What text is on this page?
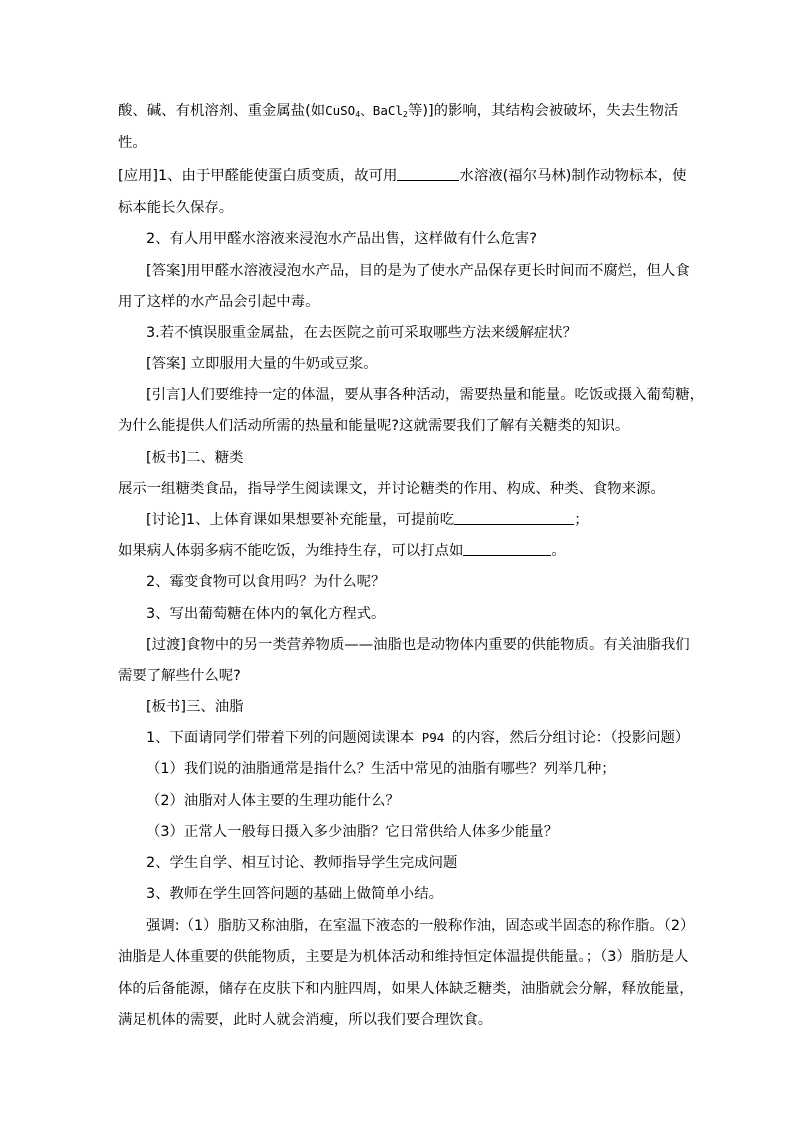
酸、碱、有机溶剂、重金属盐(如CuSO$_4$、BaCl$_2$等)]的影响，其结构会被破坏，失去生物活
性。
[应用]1、由于甲醛能使蛋白质变质，故可用	水溶液(福尔马林)制作动物标本，使
标本能长久保存。
2、有人用甲醛水溶液来浸泡水产品出售，这样做有什么危害?
[答案]用甲醛水溶液浸泡水产品，目的是为了使水产品保存更长时间而不腐烂，但人食
用了这样的水产品会引起中毒。
3.若不慎误服重金属盐，在去医院之前可采取哪些方法来缓解症状？
[答案] 立即服用大量的牛奶或豆浆。
[引言]人们要维持一定的体温，要从事各种活动，需要热量和能量。吃饭或摄入葡萄糖，
为什么能提供人们活动所需的热量和能量呢?这就需要我们了解有关糖类的知识。
[板书]二、糖类
展示一组糖类食品，指导学生阅读课文，并讨论糖类的作用、构成、种类、食物来源。
[讨论]1、上体育课如果想要补充能量，可提前吃	；
如果病人体弱多病不能吃饭，为维持生存，可以打点如	。
2、霉变食物可以食用吗？为什么呢？
3、写出葡萄糖在体内的氧化方程式。
[过渡]食物中的另一类营养物质——油脂也是动物体内重要的供能物质。有关油脂我们
需要了解些什么呢?
[板书]三、油脂
1、下面请同学们带着下列的问题阅读课本 P94 的内容，然后分组讨论：（投影问题）
（1）我们说的油脂通常是指什么？生活中常见的油脂有哪些？列举几种；
（2）油脂对人体主要的生理功能什么？
（3）正常人一般每日摄入多少油脂？它日常供给人体多少能量？
2、学生自学、相互讨论、教师指导学生完成问题
3、教师在学生回答问题的基础上做简单小结。
强调:（1）脂肪又称油脂，在室温下液态的一般称作油，固态或半固态的称作脂。（2）
油脂是人体重要的供能物质，主要是为机体活动和维持恒定体温提供能量。；（3）脂肪是人
体的后备能源，储存在皮肤下和内脏四周，如果人体缺乏糖类，油脂就会分解，释放能量，
满足机体的需要，此时人就会消瘦，所以我们要合理饮食。
